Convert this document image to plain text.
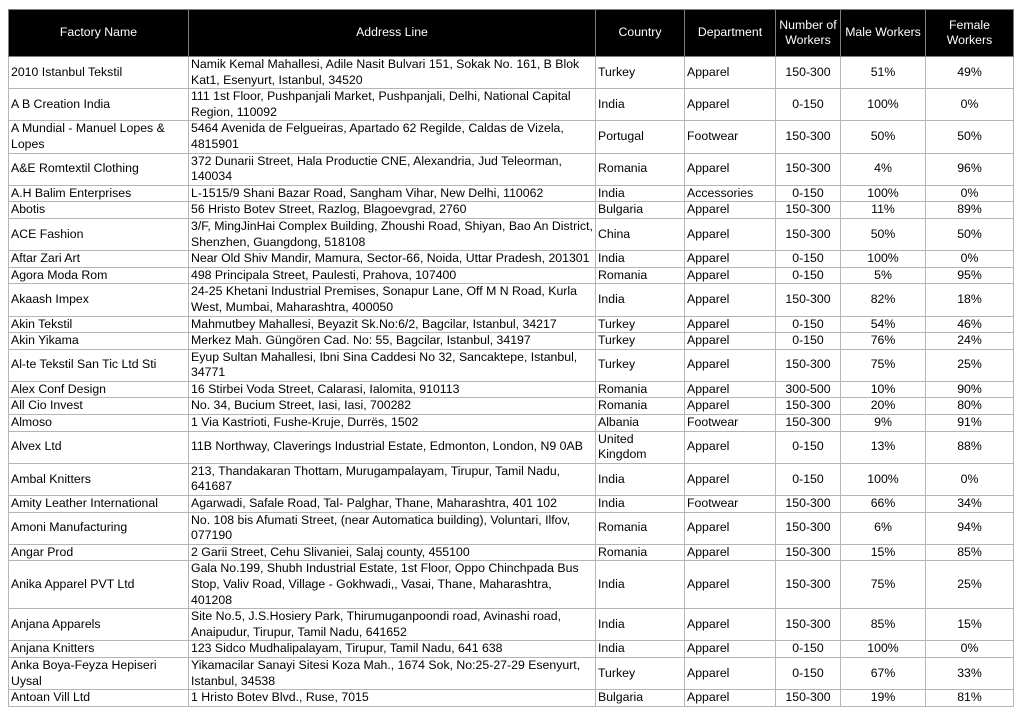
Factory Name	Address Line	Country	Department	Number of Workers	Male Workers	Female Workers
2010 Istanbul Tekstil	Namik Kemal Mahallesi, Adile Nasit Bulvari 151, Sokak No. 161, B Blok Kat1, Esenyurt, Istanbul, 34520	Turkey	Apparel	150-300	51%	49%
A B Creation India	111 1st Floor, Pushpanjali Market, Pushpanjali, Delhi, National Capital Region, 110092	India	Apparel	0-150	100%	0%
A Mundial - Manuel Lopes & Lopes	5464 Avenida de Felgueiras, Apartado 62 Regilde, Caldas de Vizela, 4815901	Portugal	Footwear	150-300	50%	50%
A&E Romtextil Clothing	372 Dunarii Street, Hala Productie CNE, Alexandria, Jud Teleorman, 140034	Romania	Apparel	150-300	4%	96%
A.H Balim Enterprises	L-1515/9 Shani Bazar Road, Sangham Vihar, New Delhi, 110062	India	Accessories	0-150	100%	0%
Abotis	56 Hristo Botev Street, Razlog, Blagoevgrad, 2760	Bulgaria	Apparel	150-300	11%	89%
ACE Fashion	3/F, MingJinHai Complex Building, Zhoushi Road, Shiyan, Bao An District, Shenzhen, Guangdong, 518108	China	Apparel	150-300	50%	50%
Aftar Zari Art	Near Old Shiv Mandir, Mamura, Sector-66, Noida, Uttar Pradesh, 201301	India	Apparel	0-150	100%	0%
Agora Moda Rom	498 Principala Street, Paulesti, Prahova, 107400	Romania	Apparel	0-150	5%	95%
Akaash Impex	24-25 Khetani Industrial Premises, Sonapur Lane, Off M N Road, Kurla West, Mumbai, Maharashtra, 400050	India	Apparel	150-300	82%	18%
Akin Tekstil	Mahmutbey Mahallesi, Beyazit Sk.No:6/2, Bagcilar, Istanbul, 34217	Turkey	Apparel	0-150	54%	46%
Akin Yikama	Merkez Mah. Güngören Cad. No: 55, Bagcilar, Istanbul, 34197	Turkey	Apparel	0-150	76%	24%
Al-te Tekstil San Tic Ltd Sti	Eyup Sultan Mahallesi, Ibni Sina Caddesi No 32, Sancaktepe, Istanbul, 34771	Turkey	Apparel	150-300	75%	25%
Alex Conf Design	16 Stirbei Voda Street, Calarasi, Ialomita, 910113	Romania	Apparel	300-500	10%	90%
All Cio Invest	No. 34, Bucium Street, Iasi, Iasi, 700282	Romania	Apparel	150-300	20%	80%
Almoso	1 Via Kastrioti, Fushe-Kruje, Durrës, 1502	Albania	Footwear	150-300	9%	91%
Alvex Ltd	11B Northway, Claverings Industrial Estate, Edmonton, London, N9 0AB	United Kingdom	Apparel	0-150	13%	88%
Ambal Knitters	213, Thandakaran Thottam, Murugampalayam, Tirupur, Tamil Nadu, 641687	India	Apparel	0-150	100%	0%
Amity Leather International	Agarwadi, Safale Road, Tal- Palghar, Thane, Maharashtra, 401 102	India	Footwear	150-300	66%	34%
Amoni Manufacturing	No. 108 bis Afumati Street, (near Automatica building), Voluntari, Ilfov, 077190	Romania	Apparel	150-300	6%	94%
Angar Prod	2 Garii Street, Cehu Slivaniei, Salaj county, 455100	Romania	Apparel	150-300	15%	85%
Anika Apparel PVT Ltd	Gala No.199, Shubh Industrial Estate, 1st Floor, Oppo Chinchpada Bus Stop, Valiv Road, Village - Gokhwadi,, Vasai, Thane, Maharashtra, 401208	India	Apparel	150-300	75%	25%
Anjana Apparels	Site No.5, J.S.Hosiery Park, Thirumuganpoondi road, Avinashi road, Anaipudur, Tirupur, Tamil Nadu, 641652	India	Apparel	150-300	85%	15%
Anjana Knitters	123 Sidco Mudhalipalayam, Tirupur, Tamil Nadu, 641 638	India	Apparel	0-150	100%	0%
Anka Boya-Feyza Hepiseri Uysal	Yikamacilar Sanayi Sitesi Koza Mah., 1674 Sok, No:25-27-29 Esenyurt, Istanbul, 34538	Turkey	Apparel	0-150	67%	33%
Antoan Vill Ltd	1 Hristo Botev Blvd., Ruse, 7015	Bulgaria	Apparel	150-300	19%	81%
